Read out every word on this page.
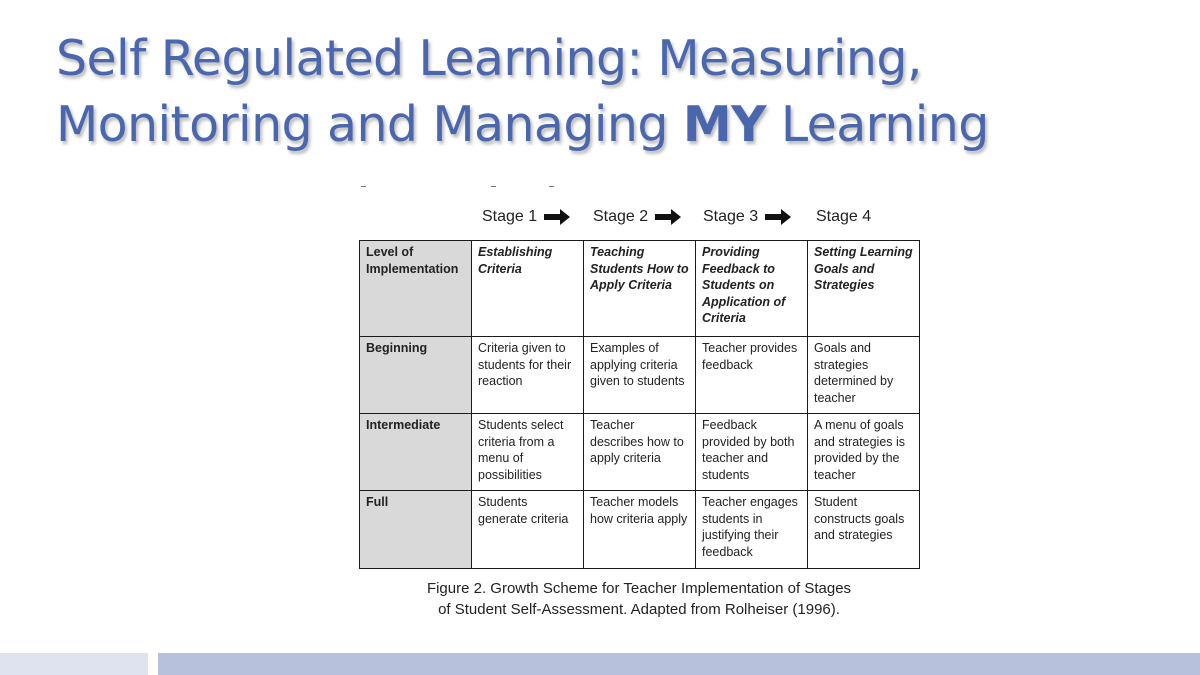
Self Regulated Learning: Measuring,
Monitoring and Managing MY Learning
Stage 1	Stage 2	Stage 3	Stage 4
Level of Implementation	Establishing Criteria	Teaching Students How to Apply Criteria	Providing Feedback to Students on Application of Criteria	Setting Learning Goals and Strategies
Beginning	Criteria given to students for their reaction	Examples of applying criteria given to students	Teacher provides feedback	Goals and strategies determined by teacher
Intermediate	Students select criteria from a menu of possibilities	Teacher describes how to apply criteria	Feedback provided by both teacher and students	A menu of goals and strategies is provided by the teacher
Full	Students generate criteria	Teacher models how criteria apply	Teacher engages students in justifying their feedback	Student constructs goals and strategies
Figure 2. Growth Scheme for Teacher Implementation of Stages
of Student Self-Assessment. Adapted from Rolheiser (1996).
